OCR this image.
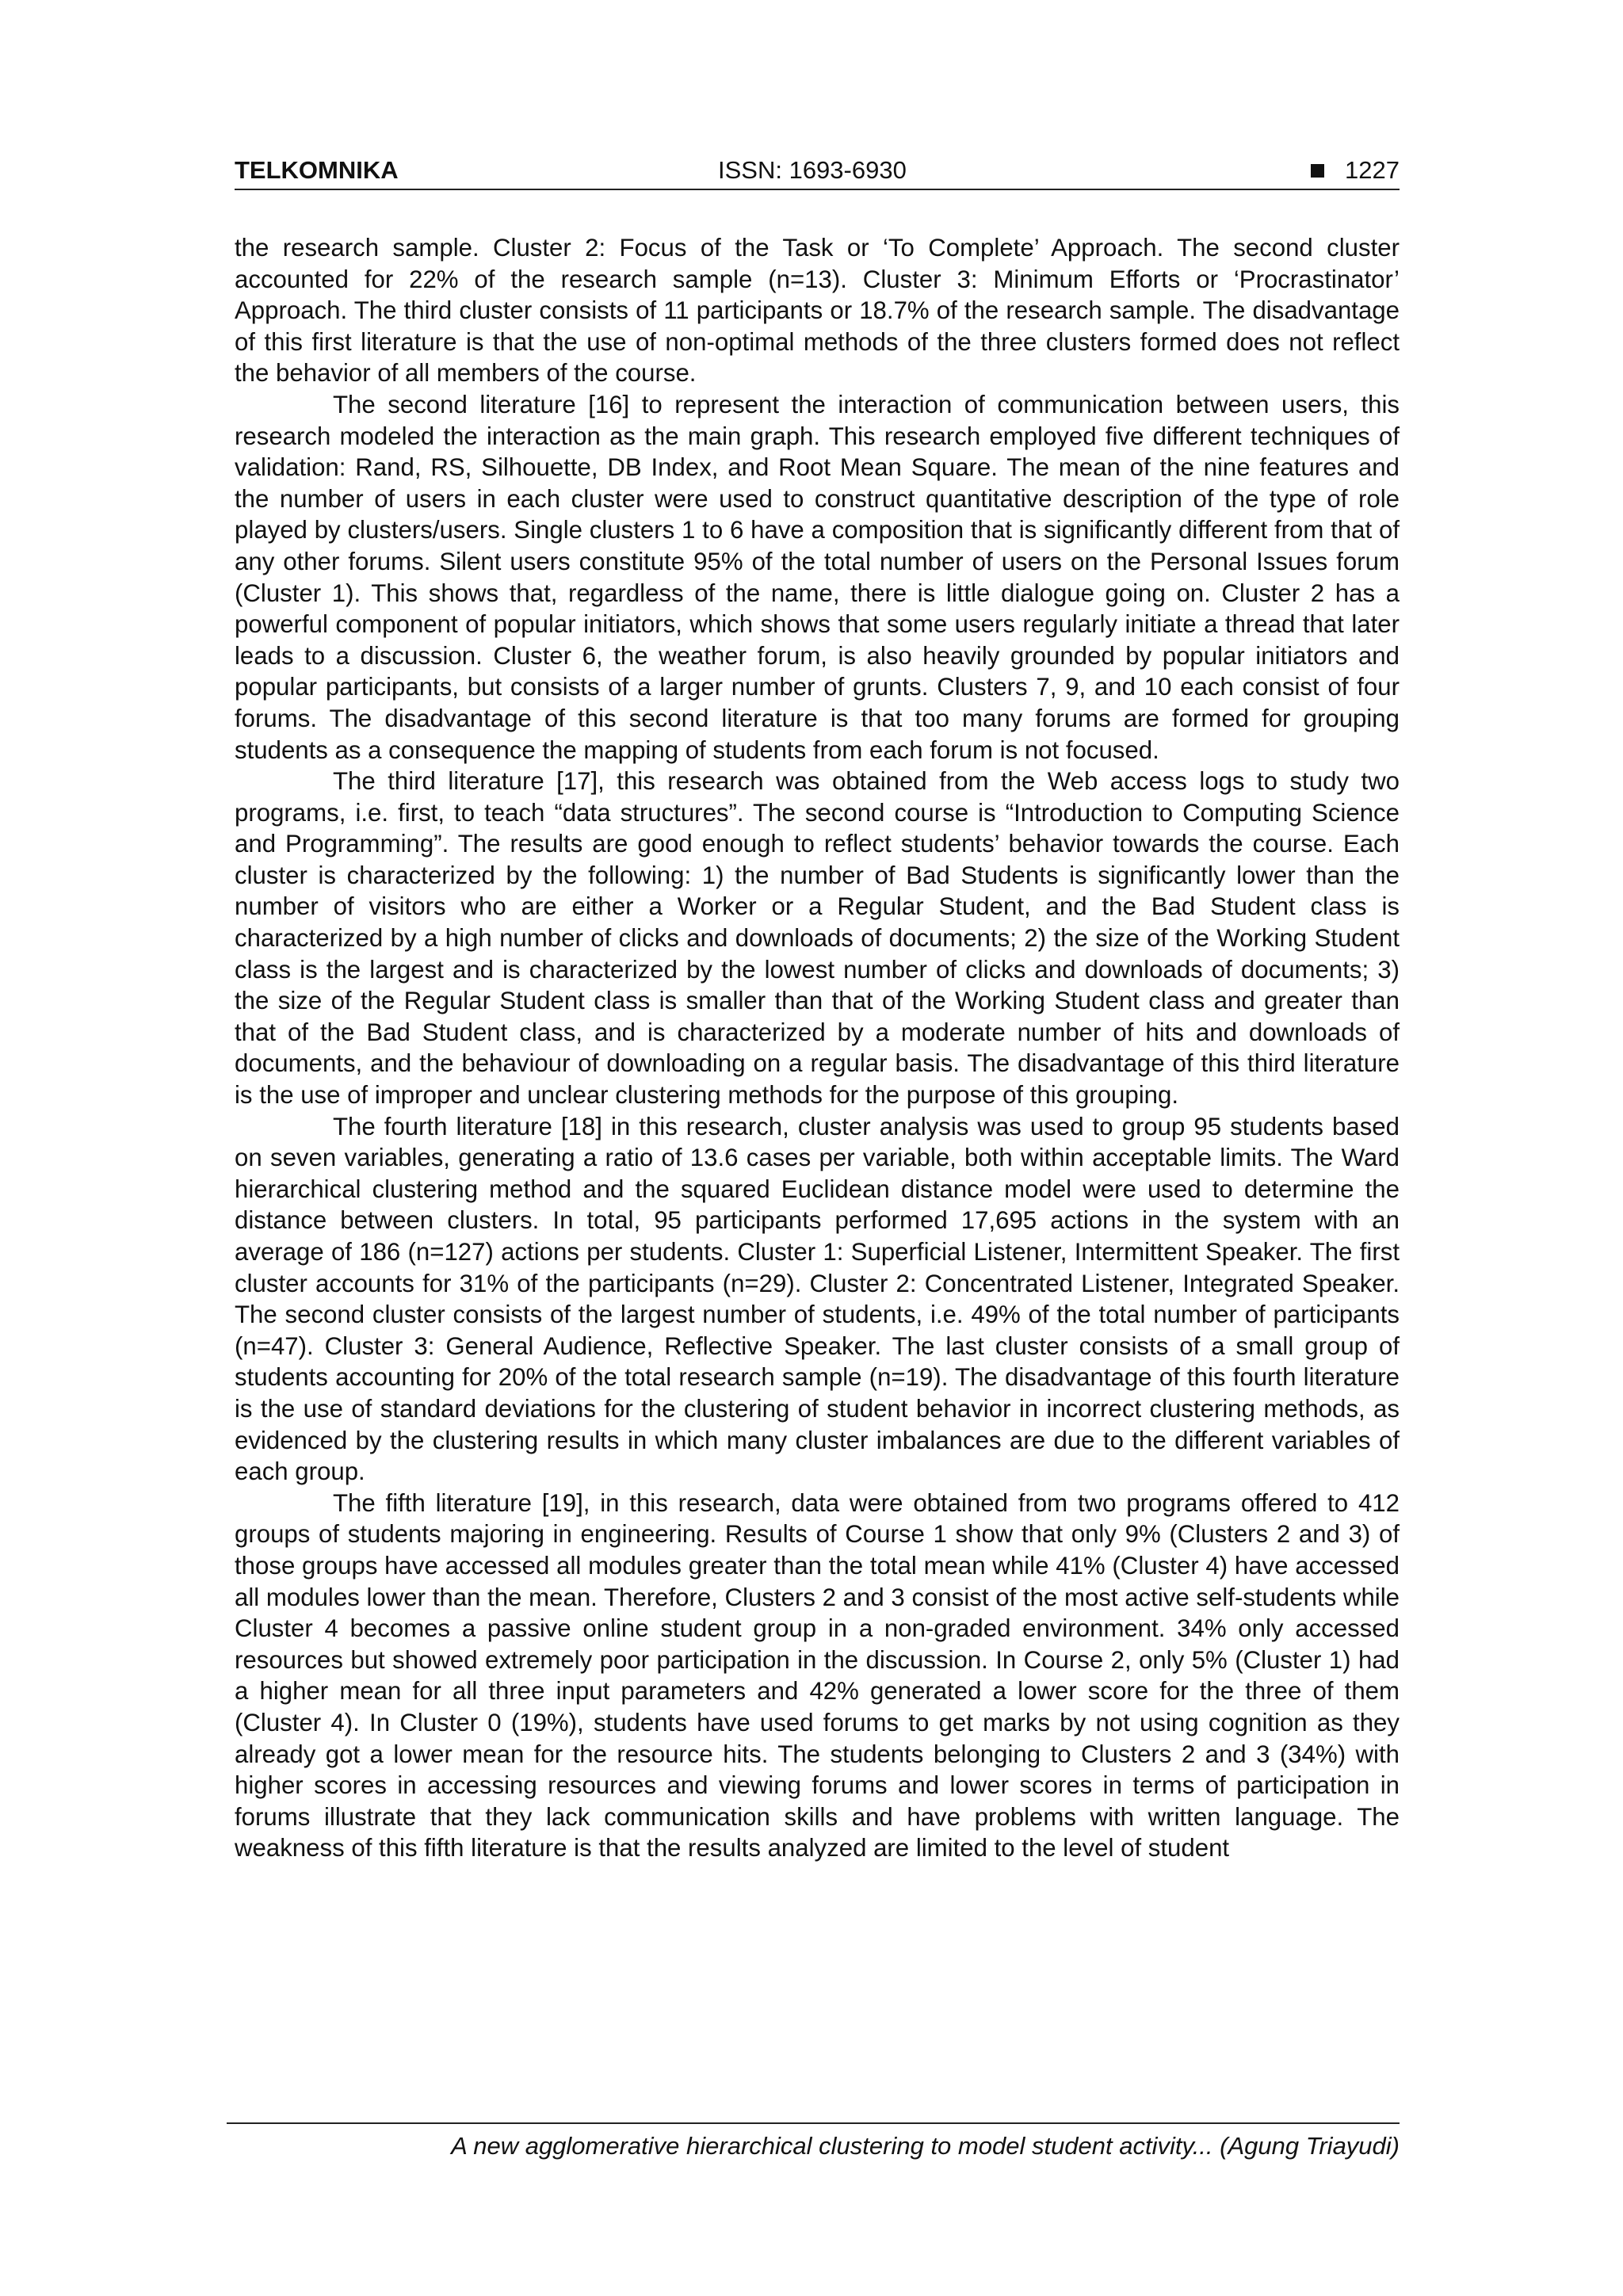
TELKOMNIKA	ISSN: 1693-6930	1227

the research sample. Cluster 2: Focus of the Task or ‘To Complete’ Approach. The second cluster accounted for 22% of the research sample (n=13). Cluster 3: Minimum Efforts or ‘Procrastinator’ Approach. The third cluster consists of 11 participants or 18.7% of the research sample. The disadvantage of this first literature is that the use of non-optimal methods of the three clusters formed does not reflect the behavior of all members of the course.

The second literature [16] to represent the interaction of communication between users, this research modeled the interaction as the main graph. This research employed five different techniques of validation: Rand, RS, Silhouette, DB Index, and Root Mean Square. The mean of the nine features and the number of users in each cluster were used to construct quantitative description of the type of role played by clusters/users. Single clusters 1 to 6 have a composition that is significantly different from that of any other forums. Silent users constitute 95% of the total number of users on the Personal Issues forum (Cluster 1). This shows that, regardless of the name, there is little dialogue going on. Cluster 2 has a powerful component of popular initiators, which shows that some users regularly initiate a thread that later leads to a discussion. Cluster 6, the weather forum, is also heavily grounded by popular initiators and popular participants, but consists of a larger number of grunts. Clusters 7, 9, and 10 each consist of four forums. The disadvantage of this second literature is that too many forums are formed for grouping students as a consequence the mapping of students from each forum is not focused.

The third literature [17], this research was obtained from the Web access logs to study two programs, i.e. first, to teach “data structures”. The second course is “Introduction to Computing Science and Programming”. The results are good enough to reflect students’ behavior towards the course. Each cluster is characterized by the following: 1) the number of Bad Students is significantly lower than the number of visitors who are either a Worker or a Regular Student, and the Bad Student class is characterized by a high number of clicks and downloads of documents; 2) the size of the Working Student class is the largest and is characterized by the lowest number of clicks and downloads of documents; 3) the size of the Regular Student class is smaller than that of the Working Student class and greater than that of the Bad Student class, and is characterized by a moderate number of hits and downloads of documents, and the behaviour of downloading on a regular basis. The disadvantage of this third literature is the use of improper and unclear clustering methods for the purpose of this grouping.

The fourth literature [18] in this research, cluster analysis was used to group 95 students based on seven variables, generating a ratio of 13.6 cases per variable, both within acceptable limits. The Ward hierarchical clustering method and the squared Euclidean distance model were used to determine the distance between clusters. In total, 95 participants performed 17,695 actions in the system with an average of 186 (n=127) actions per students. Cluster 1: Superficial Listener, Intermittent Speaker. The first cluster accounts for 31% of the participants (n=29). Cluster 2: Concentrated Listener, Integrated Speaker. The second cluster consists of the largest number of students, i.e. 49% of the total number of participants (n=47). Cluster 3: General Audience, Reflective Speaker. The last cluster consists of a small group of students accounting for 20% of the total research sample (n=19). The disadvantage of this fourth literature is the use of standard deviations for the clustering of student behavior in incorrect clustering methods, as evidenced by the clustering results in which many cluster imbalances are due to the different variables of each group.

The fifth literature [19], in this research, data were obtained from two programs offered to 412 groups of students majoring in engineering. Results of Course 1 show that only 9% (Clusters 2 and 3) of those groups have accessed all modules greater than the total mean while 41% (Cluster 4) have accessed all modules lower than the mean. Therefore, Clusters 2 and 3 consist of the most active self-students while Cluster 4 becomes a passive online student group in a non-graded environment. 34% only accessed resources but showed extremely poor participation in the discussion. In Course 2, only 5% (Cluster 1) had a higher mean for all three input parameters and 42% generated a lower score for the three of them (Cluster 4). In Cluster 0 (19%), students have used forums to get marks by not using cognition as they already got a lower mean for the resource hits. The students belonging to Clusters 2 and 3 (34%) with higher scores in accessing resources and viewing forums and lower scores in terms of participation in forums illustrate that they lack communication skills and have problems with written language. The weakness of this fifth literature is that the results analyzed are limited to the level of student

A new agglomerative hierarchical clustering to model student activity... (Agung Triayudi)
